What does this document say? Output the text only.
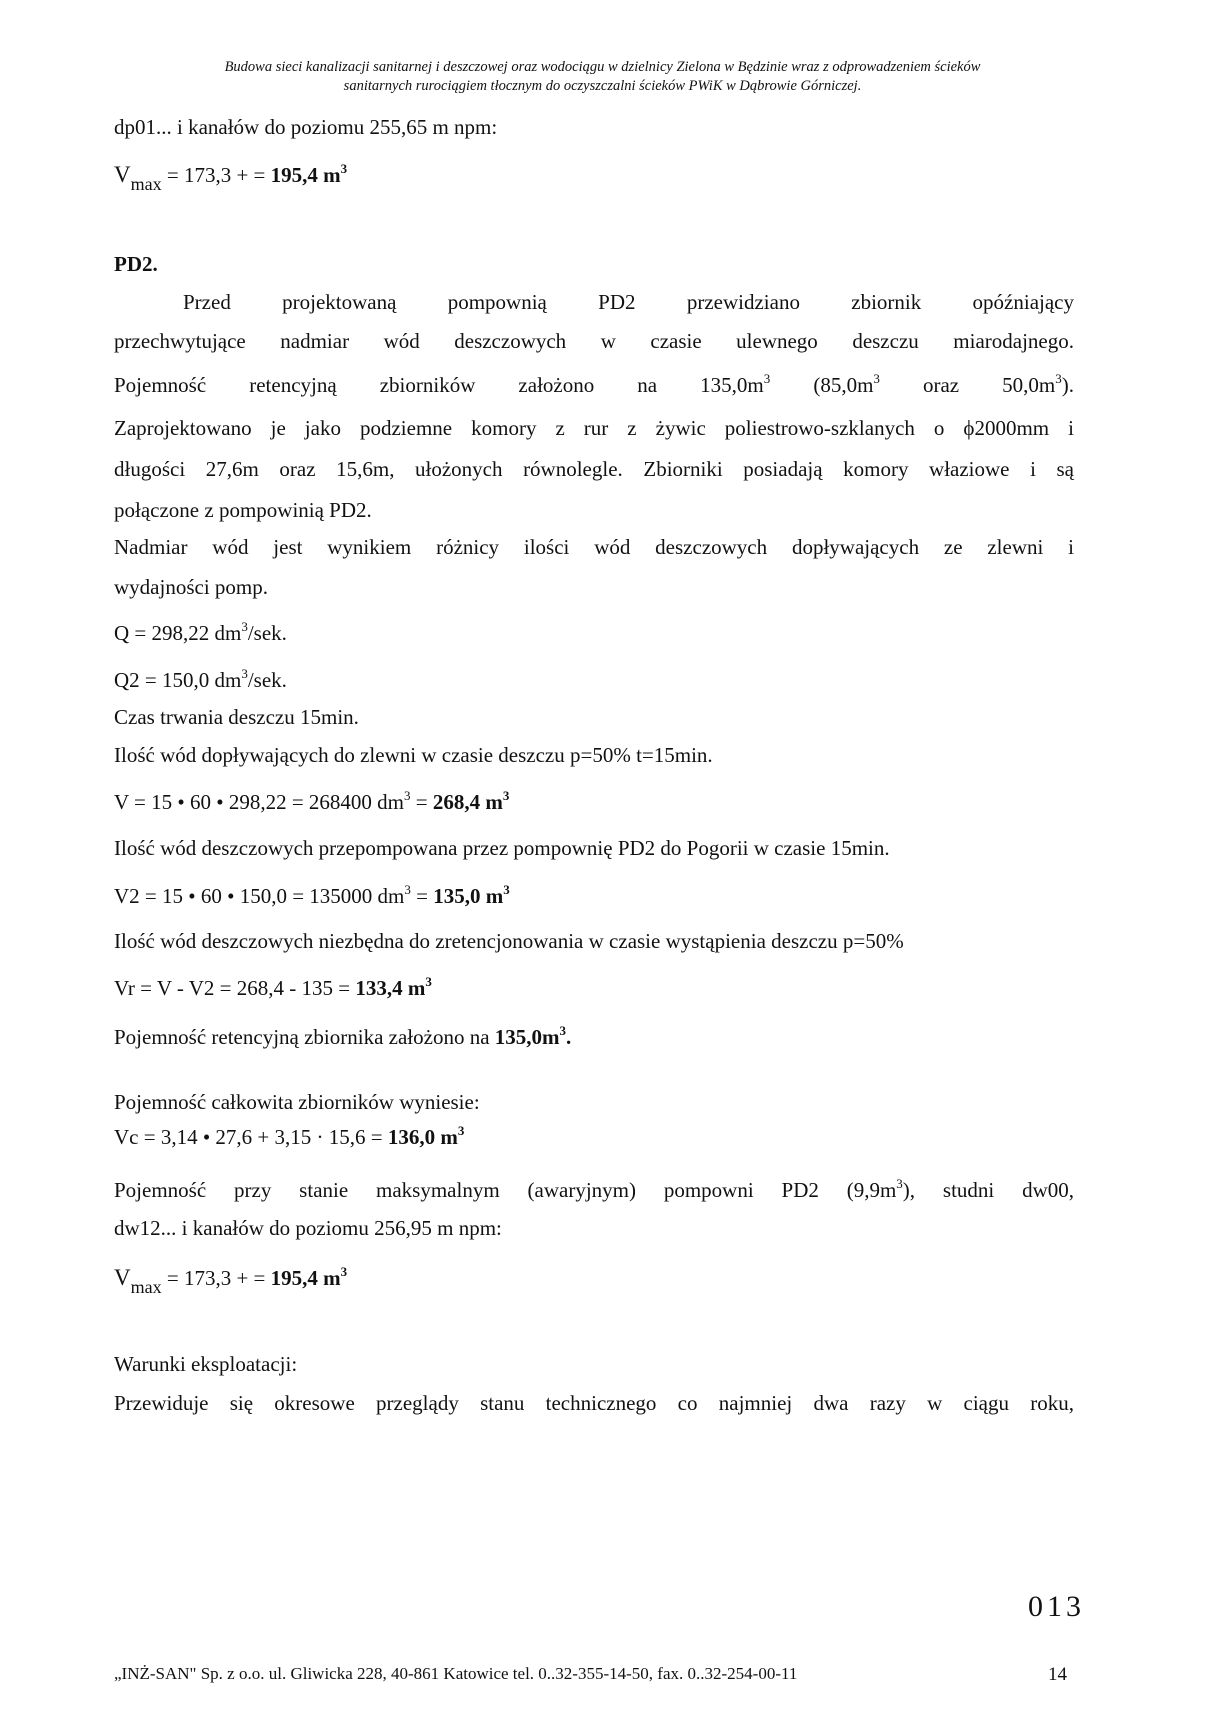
Budowa sieci kanalizacji sanitarnej i deszczowej oraz wodociągu w dzielnicy Zielona w Będzinie wraz z odprowadzeniem ścieków
sanitarnych rurociągiem tłocznym do oczyszczalni ścieków PWiK w Dąbrowie Górniczej.
dp01... i kanałów do poziomu 255,65 m npm:
$V_{max} = 173,3$ + = 195,4 $m^3$
PD2.
Przed projektowaną pompownią PD2 przewidziano zbiornik opóźniający
przechwytujące nadmiar wód deszczowych w czasie ulewnego deszczu miarodajnego.
Pojemność retencyjną zbiorników założono na $135,0m^3$ ($85,0m^3$ oraz $50,0m^3$).
Zaprojektowano je jako podziemne komory z rur z żywic poliestrowo-szklanych o ϕ2000mm i
długości 27,6m oraz 15,6m, ułożonych równolegle. Zbiorniki posiadają komory właziowe i są
połączone z pompowinią PD2.
Nadmiar wód jest wynikiem różnicy ilości wód deszczowych dopływających ze zlewni i
wydajności pomp.
Q = 298,22 $dm^3$/sek.
Q2 = 150,0 $dm^3$/sek.
Czas trwania deszczu 15min.
Ilość wód dopływających do zlewni w czasie deszczu p=50% t=15min.
V = 15 • 60 • 298,22 = 268400 $dm^3 = 268,4$ $m^3$
Ilość wód deszczowych przepompowana przez pompownię PD2 do Pogorii w czasie 15min.
V2 = 15 • 60 • 150,0 = 135000 $dm^3 = 135,0$ $m^3$
Ilość wód deszczowych niezbędna do zretencjonowania w czasie wystąpienia deszczu p=50%
Vr = V - V2 = 268,4 - 135 = 133,4 $m^3$
Pojemność retencyjną zbiornika założono na $135,0m^3$.
Pojemność całkowita zbiorników wyniesie:
Vc = 3,14 • 27,6 + 3,15 · 15,6 = 136,0 $m^3$
Pojemność przy stanie maksymalnym (awaryjnym) pompowni PD2 $(9,9m^3)$, studni dw00,
dw12... i kanałów do poziomu 256,95 m npm:
$V_{max} = 173,3$ + = 195,4 $m^3$
Warunki eksploatacji:
Przewiduje się okresowe przeglądy stanu technicznego co najmniej dwa razy w ciągu roku,
013
„INŻ-SAN" Sp. z o.o. ul. Gliwicka 228, 40-861 Katowice tel. 0..32-355-14-50, fax. 0..32-254-00-11	14
